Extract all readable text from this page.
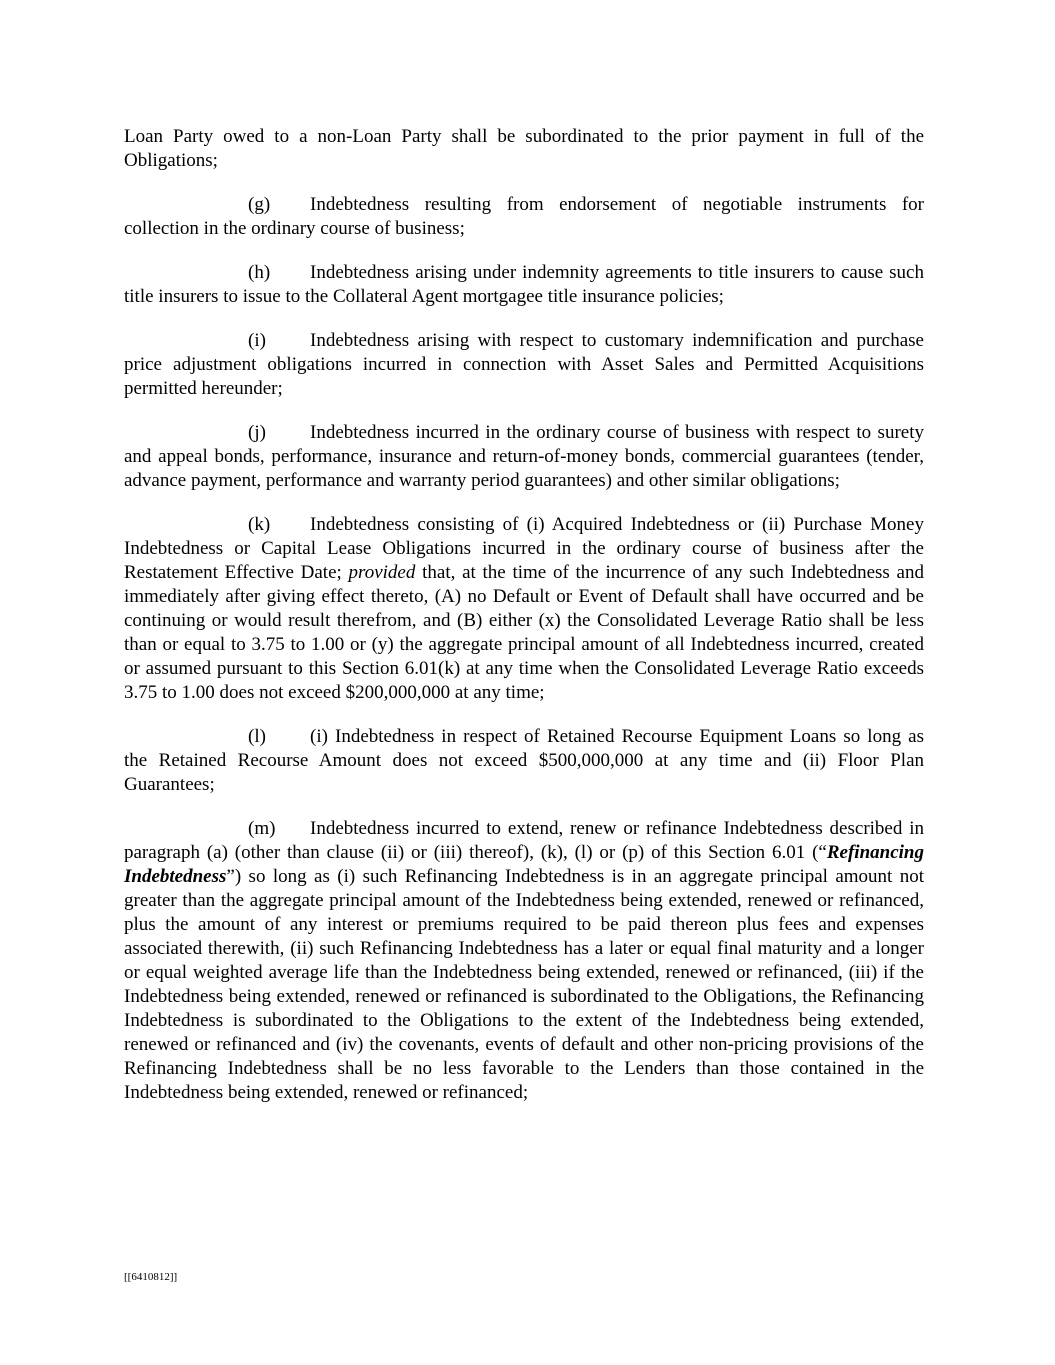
Loan Party owed to a non-Loan Party shall be subordinated to the prior payment in full of the Obligations;

(g) Indebtedness resulting from endorsement of negotiable instruments for collection in the ordinary course of business;

(h) Indebtedness arising under indemnity agreements to title insurers to cause such title insurers to issue to the Collateral Agent mortgagee title insurance policies;

(i) Indebtedness arising with respect to customary indemnification and purchase price adjustment obligations incurred in connection with Asset Sales and Permitted Acquisitions permitted hereunder;

(j) Indebtedness incurred in the ordinary course of business with respect to surety and appeal bonds, performance, insurance and return-of-money bonds, commercial guarantees (tender, advance payment, performance and warranty period guarantees) and other similar obligations;

(k) Indebtedness consisting of (i) Acquired Indebtedness or (ii) Purchase Money Indebtedness or Capital Lease Obligations incurred in the ordinary course of business after the Restatement Effective Date; provided that, at the time of the incurrence of any such Indebtedness and immediately after giving effect thereto, (A) no Default or Event of Default shall have occurred and be continuing or would result therefrom, and (B) either (x) the Consolidated Leverage Ratio shall be less than or equal to 3.75 to 1.00 or (y) the aggregate principal amount of all Indebtedness incurred, created or assumed pursuant to this Section 6.01(k) at any time when the Consolidated Leverage Ratio exceeds 3.75 to 1.00 does not exceed $200,000,000 at any time;

(l) (i) Indebtedness in respect of Retained Recourse Equipment Loans so long as the Retained Recourse Amount does not exceed $500,000,000 at any time and (ii) Floor Plan Guarantees;

(m) Indebtedness incurred to extend, renew or refinance Indebtedness described in paragraph (a) (other than clause (ii) or (iii) thereof), (k), (l) or (p) of this Section 6.01 (“Refinancing Indebtedness”) so long as (i) such Refinancing Indebtedness is in an aggregate principal amount not greater than the aggregate principal amount of the Indebtedness being extended, renewed or refinanced, plus the amount of any interest or premiums required to be paid thereon plus fees and expenses associated therewith, (ii) such Refinancing Indebtedness has a later or equal final maturity and a longer or equal weighted average life than the Indebtedness being extended, renewed or refinanced, (iii) if the Indebtedness being extended, renewed or refinanced is subordinated to the Obligations, the Refinancing Indebtedness is subordinated to the Obligations to the extent of the Indebtedness being extended, renewed or refinanced and (iv) the covenants, events of default and other non-pricing provisions of the Refinancing Indebtedness shall be no less favorable to the Lenders than those contained in the Indebtedness being extended, renewed or refinanced;

[[6410812]]
